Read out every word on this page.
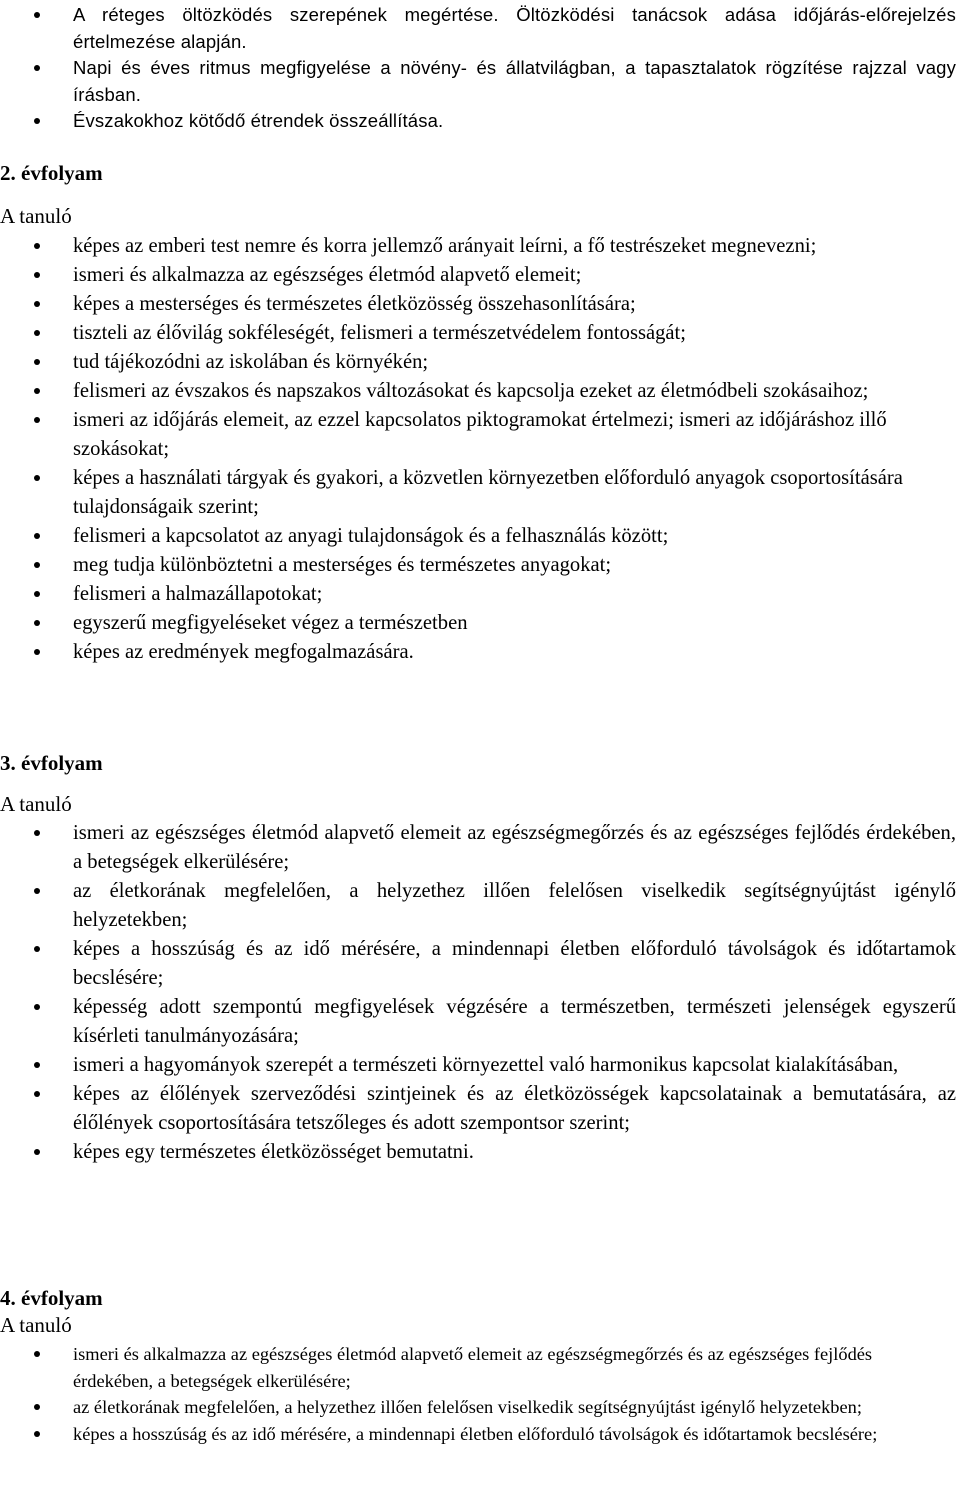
A réteges öltözködés szerepének megértése. Öltözködési tanácsok adása időjárás-előrejelzés értelmezése alapján.
Napi és éves ritmus megfigyelése a növény- és állatvilágban, a tapasztalatok rögzítése rajzzal vagy írásban.
Évszakokhoz kötődő étrendek összeállítása.
2. évfolyam
A tanuló
képes az emberi test nemre és korra jellemző arányait leírni, a fő testrészeket megnevezni;
ismeri és alkalmazza az egészséges életmód alapvető elemeit;
képes a mesterséges és természetes életközösség összehasonlítására;
tiszteli az élővilág sokféleségét, felismeri a természetvédelem fontosságát;
tud tájékozódni az iskolában és környékén;
felismeri az évszakos és napszakos változásokat és kapcsolja ezeket az életmódbeli szokásaihoz;
ismeri az időjárás elemeit, az ezzel kapcsolatos piktogramokat értelmezi; ismeri az időjáráshoz illő szokásokat;
képes a használati tárgyak és gyakori, a közvetlen környezetben előforduló anyagok csoportosítására tulajdonságaik szerint;
felismeri a kapcsolatot az anyagi tulajdonságok és a felhasználás között;
meg tudja különböztetni a mesterséges és természetes anyagokat;
felismeri a halmazállapotokat;
egyszerű megfigyeléseket végez a természetben
képes az eredmények megfogalmazására.
3. évfolyam
A tanuló
ismeri az egészséges életmód alapvető elemeit az egészségmegőrzés és az egészséges fejlődés érdekében, a betegségek elkerülésére;
az életkorának megfelelően, a helyzethez illően felelősen viselkedik segítségnyújtást igénylő helyzetekben;
képes a hosszúság és az idő mérésére, a mindennapi életben előforduló távolságok és időtartamok becslésére;
képesség adott szempontú megfigyelések végzésére a természetben, természeti jelenségek egyszerű kísérleti tanulmányozására;
ismeri a hagyományok szerepét a természeti környezettel való harmonikus kapcsolat kialakításában,
képes az élőlények szerveződési szintjeinek és az életközösségek kapcsolatainak a bemutatására, az élőlények csoportosítására tetszőleges és adott szempontsor szerint;
képes egy természetes életközösséget bemutatni.
4. évfolyam
A tanuló
ismeri és alkalmazza az egészséges életmód alapvető elemeit az egészségmegőrzés és az egészséges fejlődés érdekében, a betegségek elkerülésére;
az életkorának megfelelően, a helyzethez illően felelősen viselkedik segítségnyújtást igénylő helyzetekben;
képes a hosszúság és az idő mérésére, a mindennapi életben előforduló távolságok és időtartamok becslésére;
